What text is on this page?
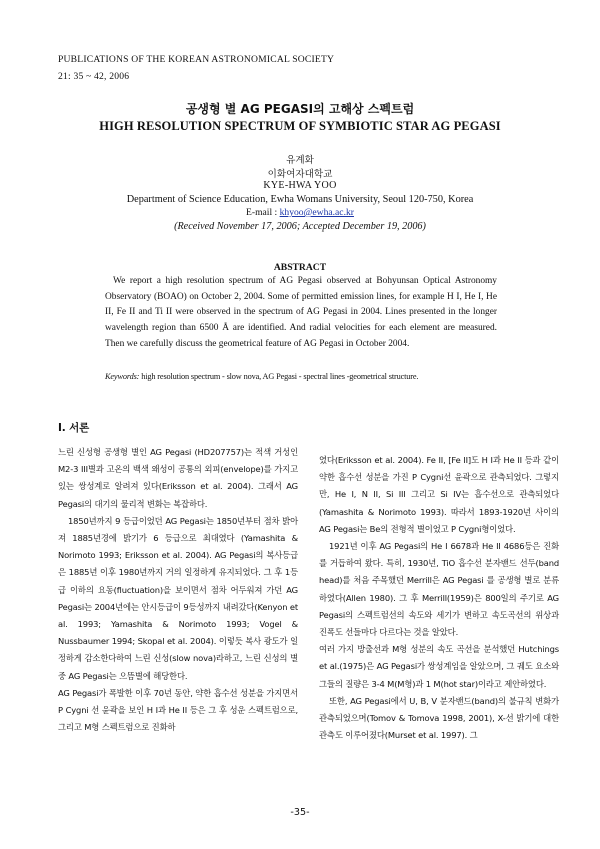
PUBLICATIONS OF THE KOREAN ASTRONOMICAL SOCIETY
21: 35 ~ 42, 2006
공생형 별 AG PEGASI의 고해상 스펙트럼
HIGH RESOLUTION SPECTRUM OF SYMBIOTIC STAR AG PEGASI
유계화
이화여자대학교
KYE-HWA YOO
Department of Science Education, Ewha Womans University, Seoul 120-750, Korea
E-mail : khyoo@ewha.ac.kr
(Received November 17, 2006; Accepted December 19, 2006)
ABSTRACT
We report a high resolution spectrum of AG Pegasi observed at Bohyunsan Optical Astronomy Observatory (BOAO) on October 2, 2004. Some of permitted emission lines, for example H I, He I, He II, Fe II and Ti II were observed in the spectrum of AG Pegasi in 2004. Lines presented in the longer wavelength region than 6500 Å are identified. And radial velocities for each element are measured. Then we carefully discuss the geometrical feature of AG Pegasi in October 2004.
Keywords: high resolution spectrum - slow nova, AG Pegasi - spectral lines -geometrical structure.
I. 서론

느린 신성형 공생형 별인 AG Pegasi (HD207757)는 적색 거성인 M2-3 III별과 고온의 백색 왜성이 공통의 외피(envelope)를 가지고 있는 쌍성계로 알려져 있다(Eriksson et al. 2004). 그래서 AG Pegasi의 대기의 물리적 변화는 복잡하다.

1850년까지 9 등급이었던 AG Pegasi는 1850년부터 점차 밝아져 1885년경에 밝기가 6 등급으로 최대였다 (Yamashita & Norimoto 1993; Eriksson et al. 2004). AG Pegasi의 복사등급은 1885년 이후 1980년까지 거의 일정하게 유지되었다. 그 후 1등급 이하의 요동(fluctuation)을 보이면서 점차 어두워져 가던 AG Pegasi는 2004년에는 안시등급이 9등성까지 내려갔다(Kenyon et al. 1993; Yamashita & Norimoto 1993; Vogel & Nussbaumer 1994; Skopal et al. 2004). 이렇듯 복사 광도가 일정하게 감소한다하여 느린 신성(slow nova)라하고, 느린 신성의 별 중 AG Pegasi는 으뜸별에 해당한다.

AG Pegasi가 폭발한 이후 70년 동안, 약한 흡수선 성분을 가지면서 P Cygni 선 윤곽을 보인 H I과 He II 등은 그 후 성운 스펙트럼으로, 그리고 M형 스펙트럼으로 진화하

였다(Eriksson et al. 2004). Fe II, [Fe II]도 H I과 He II 등과 같이 약한 흡수선 성분을 가진 P Cygni선 윤곽으로 관측되었다. 그렇지만, He I, N II, Si III 그리고 Si IV는 흡수선으로 관측되었다(Yamashita & Norimoto 1993). 따라서 1893-1920년 사이의 AG Pegasi는 Be의 전형적 별이었고 P Cygni형이었다.

1921년 이후 AG Pegasi의 He I 6678과 He II 4686등은 진화를 거듭하여 왔다. 특히, 1930년, TiO 흡수선 분자밴드 선두(band head)를 처음 주목했던 Merrill은 AG Pegasi 를 공생형 별로 분류하였다(Allen 1980). 그 후 Merrill(1959)은 800일의 주기로 AG Pegasi의 스펙트럼선의 속도와 세기가 변하고 속도곡선의 위상과 진폭도 선들마다 다르다는 것을 알았다.

여러 가지 방출선과 M형 성분의 속도 곡선을 분석했던 Hutchings et al.(1975)은 AG Pegasi가 쌍성계임을 알았으며, 그 궤도 요소와 그들의 질량은 3-4 M(M형)과 1 M(hot star)이라고 제안하였다.

또한, AG Pegasi에서 U, B, V 분자밴드(band)의 불규칙 변화가 관측되었으며(Tomov & Tomova 1998, 2001), X-선 밝기에 대한 관측도 이루어졌다(Murset et al. 1997). 그

-35-
